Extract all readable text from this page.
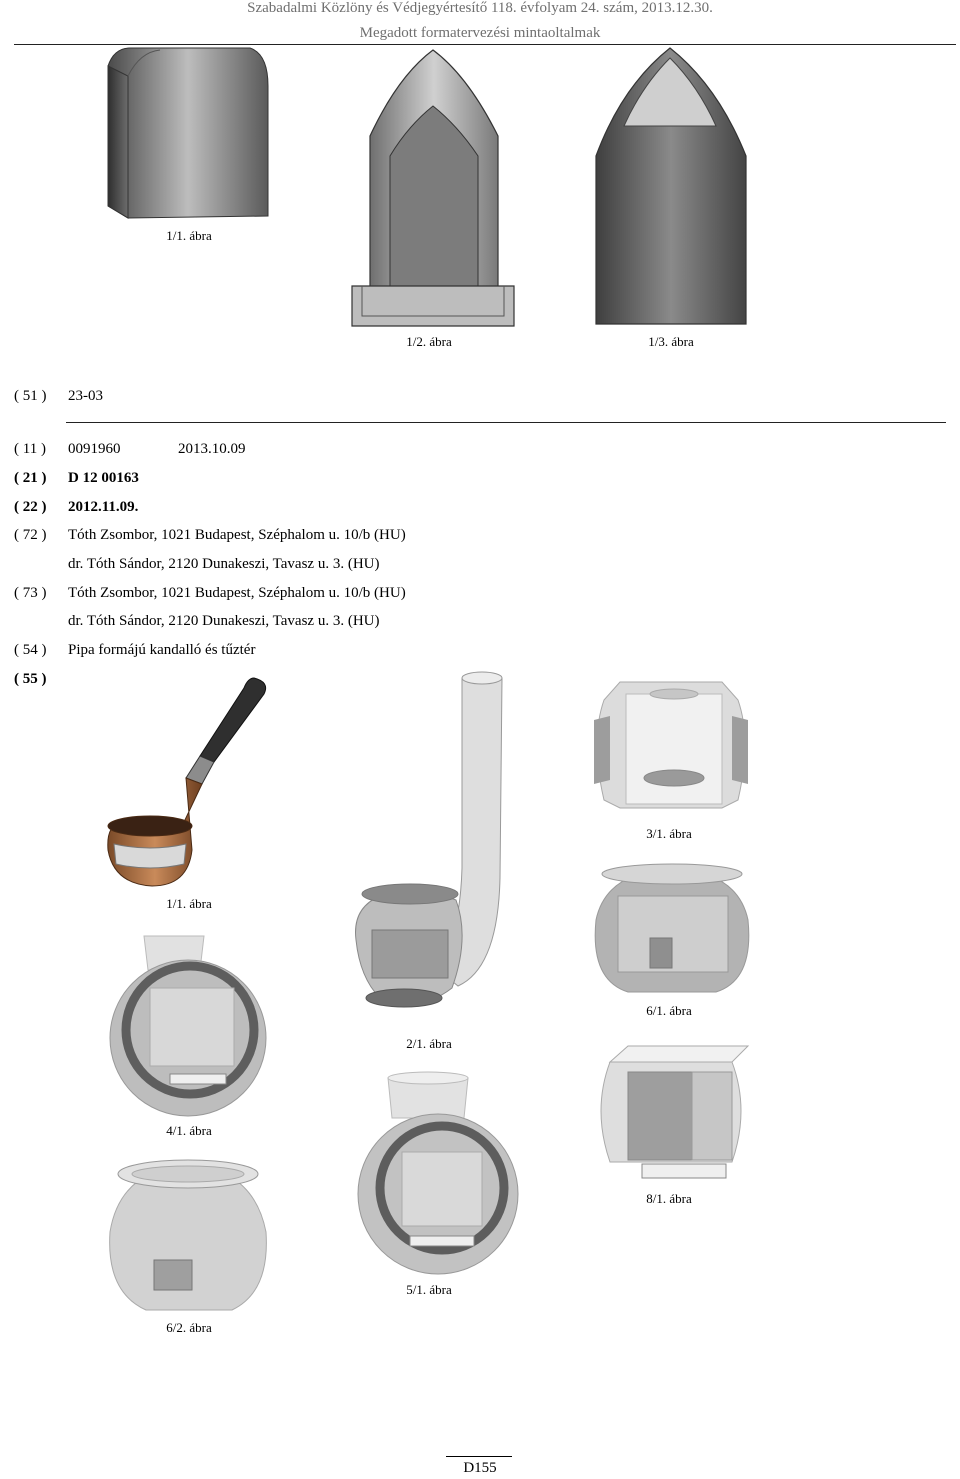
Szabadalmi Közlöny és Védjegyértesítő 118. évfolyam 24. szám, 2013.12.30.
Megadott formatervezési mintaoltalmak
1/1. ábra
1/2. ábra	1/3. ábra
( 51 ) 23-03
( 11 ) 0091960	2013.10.09
( 21 ) D 12 00163
( 22 ) 2012.11.09.
( 72 ) Tóth Zsombor, 1021 Budapest, Széphalom u. 10/b (HU)
dr. Tóth Sándor, 2120 Dunakeszi, Tavasz u. 3. (HU)
( 73 ) Tóth Zsombor, 1021 Budapest, Széphalom u. 10/b (HU)
dr. Tóth Sándor, 2120 Dunakeszi, Tavasz u. 3. (HU)
( 54 ) Pipa formájú kandalló és tűztér
( 55 )
1/1. ábra
2/1. ábra
3/1. ábra
6/1. ábra
4/1. ábra
8/1. ábra
5/1. ábra
6/2. ábra
D155
